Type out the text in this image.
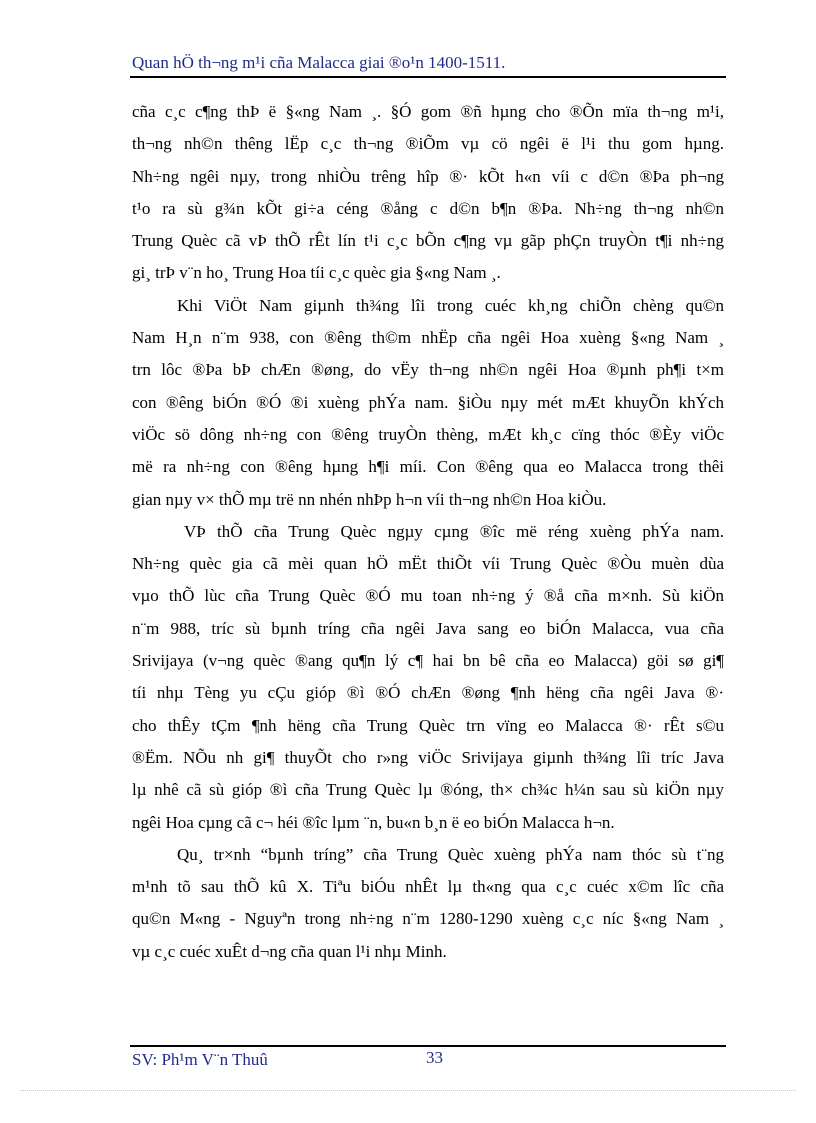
Quan hÖ th¬ng m¹i cña Malacca giai ®o¹n 1400-1511.
cña c¸c c¶ng thÞ ë §«ng Nam ¸. §Ó gom ®ñ hµng cho ®Õn mïa th¬ng m¹i,
th¬ng nh©n thêng lËp c¸c th¬ng ®iÕm vµ cö ngêi ë l¹i thu gom hµng.
Nh÷ng ngêi nµy, trong nhiÒu trêng hîp ®· kÕt h«n víi c d©n ®Þa ph¬ng
t¹o ra sù g¾n kÕt gi÷a céng ®ång c d©n b¶n ®Þa. Nh÷ng th¬ng nh©n
Trung Quèc cã vÞ thÕ rÊt lín t¹i c¸c bÕn c¶ng vµ gãp phÇn truyÒn t¶i nh÷ng
gi¸ trÞ v¨n ho¸ Trung Hoa tíi c¸c quèc gia §«ng Nam ¸.
Khi ViÖt Nam giµnh th¾ng lîi trong cuéc kh¸ng chiÕn chèng qu©n
Nam H¸n n¨m 938, con ®êng th©m nhËp cña ngêi Hoa xuèng §«ng Nam ¸
trn lôc ®Þa bÞ chÆn ®øng, do vËy th¬ng nh©n ngêi Hoa ®µnh ph¶i t×m
con ®êng biÓn ®Ó ®i xuèng phÝa nam. §iÒu nµy mét mÆt khuyÕn khÝch
viÖc sö dông nh÷ng con ®êng truyÒn thèng, mÆt kh¸c cïng thóc ®Èy viÖc
më ra nh÷ng con ®êng hµng h¶i míi. Con ®êng qua eo Malacca trong thêi
gian nµy v× thÕ mµ trë nn nhén nhÞp h¬n víi th¬ng nh©n Hoa kiÒu.
VÞ thÕ cña Trung Quèc ngµy cµng ®îc më réng xuèng phÝa nam.
Nh÷ng quèc gia cã mèi quan hÖ mËt thiÕt víi Trung Quèc ®Òu muèn dùa
vµo thÕ lùc cña Trung Quèc ®Ó mu toan nh÷ng ý ®å cña m×nh. Sù kiÖn
n¨m 988, tríc sù bµnh tríng cña ngêi Java sang eo biÓn Malacca, vua cña
Srivijaya (v¬ng quèc ®ang qu¶n lý c¶ hai bn bê cña eo Malacca) göi sø gi¶
tíi nhµ Tèng yu cÇu gióp ®ì ®Ó chÆn ®øng ¶nh hëng cña ngêi Java ®·
cho thÊy tÇm ¶nh hëng cña Trung Quèc trn vïng eo Malacca ®· rÊt s©u
®Ëm. NÕu nh gi¶ thuyÕt cho r»ng viÖc Srivijaya giµnh th¾ng lîi tríc Java
lµ nhê cã sù gióp ®ì cña Trung Quèc lµ ®óng, th× ch¾c h¼n sau sù kiÖn nµy
ngêi Hoa cµng cã c¬ héi ®îc lµm ¨n, bu«n b¸n ë eo biÓn Malacca h¬n.
Qu¸ tr×nh “bµnh tríng” cña Trung Quèc xuèng phÝa nam thóc sù t¨ng
m¹nh tõ sau thÕ kû X. Tiªu biÓu nhÊt lµ th«ng qua c¸c cuéc x©m lîc cña
qu©n M«ng - Nguyªn trong nh÷ng n¨m 1280-1290 xuèng c¸c níc §«ng Nam ¸
vµ c¸c cuéc xuÊt d¬ng cña quan l¹i nhµ Minh.
SV: Ph¹m V¨n Thuû	33
